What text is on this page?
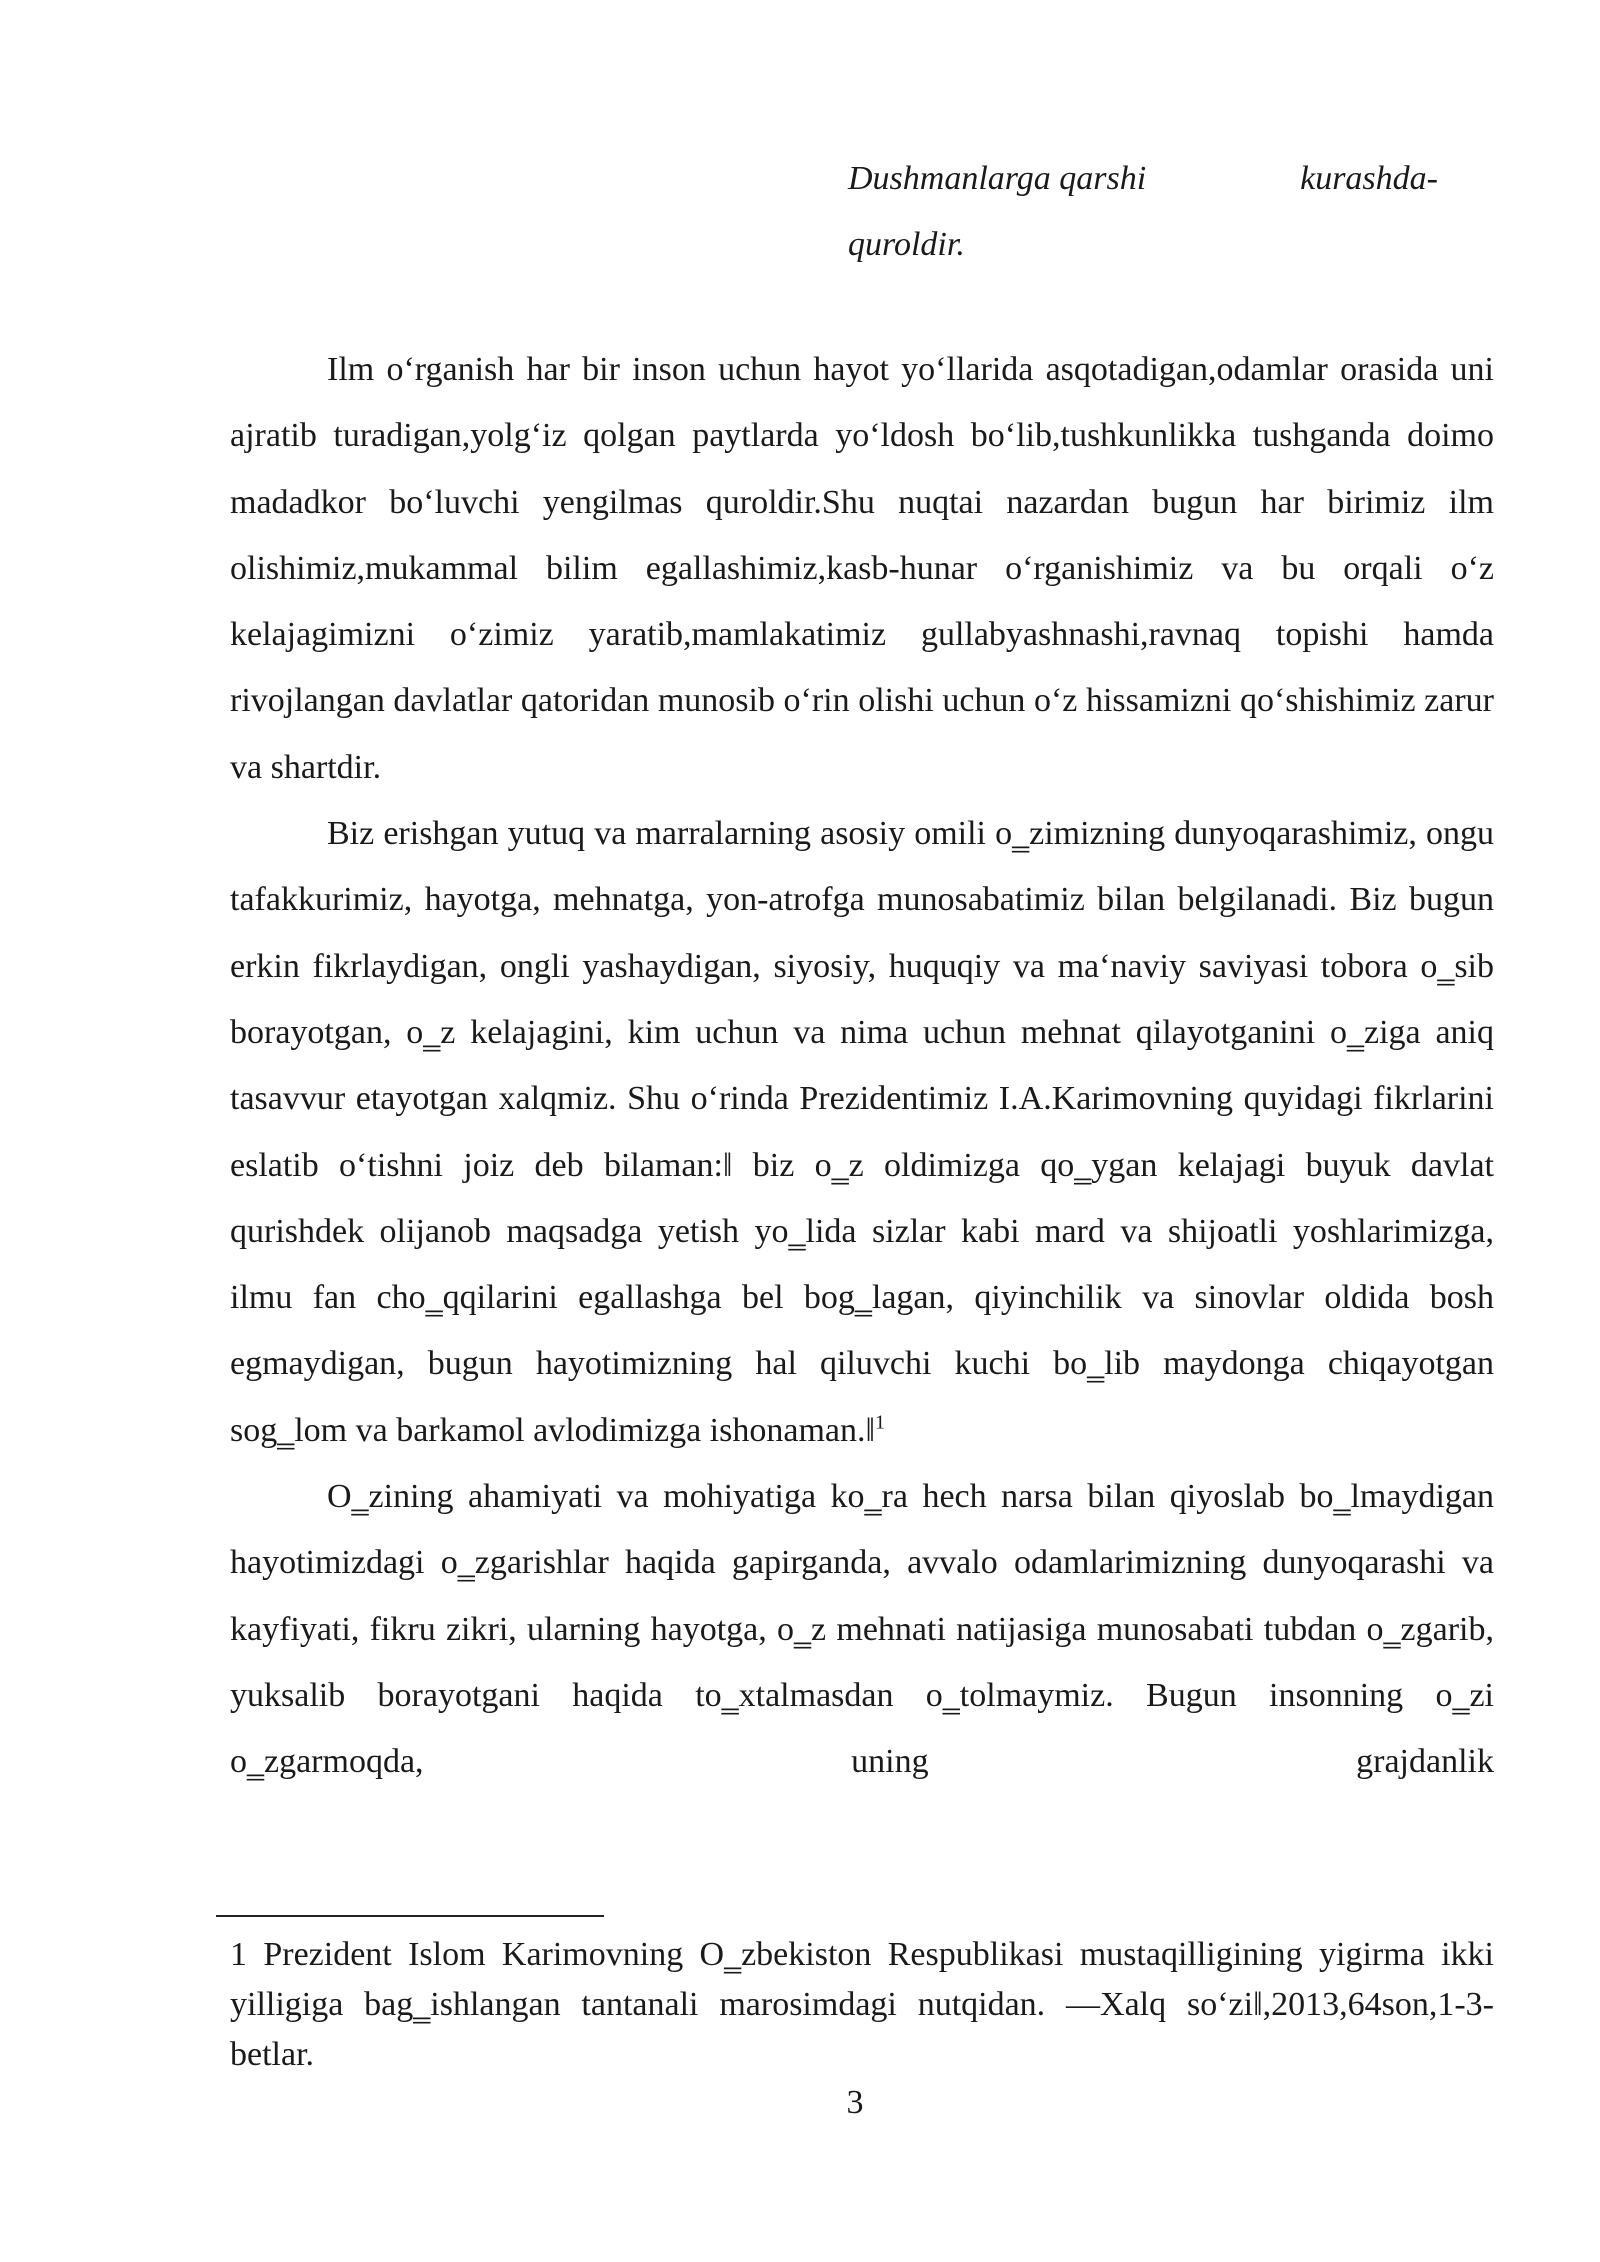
Dushmanlarga qarshi	kurashda-
quroldir.

Ilm o‘rganish har bir inson uchun hayot yo‘llarida asqotadigan,odamlar orasida uni ajratib turadigan,yolg‘iz qolgan paytlarda yo‘ldosh bo‘lib,tushkunlikka tushganda doimo madadkor bo‘luvchi yengilmas quroldir.Shu nuqtai nazardan bugun har birimiz ilm olishimiz,mukammal bilim egallashimiz,kasb-hunar o‘rganishimiz va bu orqali o‘z kelajagimizni o‘zimiz yaratib,mamlakatimiz gullabyashnashi,ravnaq topishi hamda rivojlangan davlatlar qatoridan munosib o‘rin olishi uchun o‘z hissamizni qo‘shishimiz zarur va shartdir.

Biz erishgan yutuq va marralarning asosiy omili o‗zimizning dunyoqarashimiz, ongu tafakkurimiz, hayotga, mehnatga, yon-atrofga munosabatimiz bilan belgilanadi. Biz bugun erkin fikrlaydigan, ongli yashaydigan, siyosiy, huquqiy va ma‘naviy saviyasi tobora o‗sib borayotgan, o‗z kelajagini, kim uchun va nima uchun mehnat qilayotganini o‗ziga aniq tasavvur etayotgan xalqmiz. Shu o‘rinda Prezidentimiz I.A.Karimovning quyidagi fikrlarini eslatib o‘tishni joiz deb bilaman:‖ biz o‗z oldimizga qo‗ygan kelajagi buyuk davlat qurishdek olijanob maqsadga yetish yo‗lida sizlar kabi mard va shijoatli yoshlarimizga, ilmu fan cho‗qqilarini egallashga bel bog‗lagan, qiyinchilik va sinovlar oldida bosh egmaydigan, bugun hayotimizning hal qiluvchi kuchi bo‗lib maydonga chiqayotgan sog‗lom va barkamol avlodimizga ishonaman.‖$^1$

O‗zining ahamiyati va mohiyatiga ko‗ra hech narsa bilan qiyoslab bo‗lmaydigan hayotimizdagi o‗zgarishlar haqida gapirganda, avvalo odamlarimizning dunyoqarashi va kayfiyati, fikru zikri, ularning hayotga, o‗z mehnati natijasiga munosabati tubdan o‗zgarib, yuksalib borayotgani haqida to‗xtalmasdan o‗tolmaymiz. Bugun insonning o‗zi o‗zgarmoqda, uning grajdanlik

1 Prezident Islom Karimovning O‗zbekiston Respublikasi mustaqilligining yigirma ikki yilligiga bag‗ishlangan tantanali marosimdagi nutqidan. ―Xalq so‘zi‖,2013,64son,1-3-betlar.

3
